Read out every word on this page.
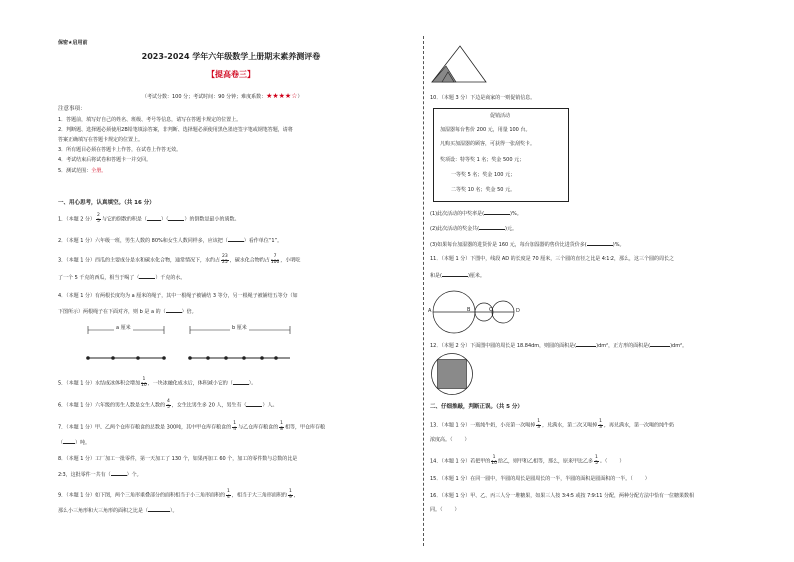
保密★启用前
2023-2024 学年六年级数学上册期末素养测评卷
【提高卷三】
（考试分数：100 分；考试时间：90 分钟；难度系数：★★★★☆）
注意事项：
1．答题前，填写好自己的姓名、班级、考号等信息，请写在答题卡规定的位置上。
2．判断题、选择题必须使用2B铅笔填涂答案，非判断、选择题必须使用黑色墨迹签字笔或钢笔答题，请将
答案正确填写在答题卡规定的位置上。
3．所有题目必须在答题卡上作答，在试卷上作答无效。
4．考试结束后将试卷和答题卡一并交回。
5．测试范围：全册。
一、用心思考，认真填空。（共 16 分）
1．（本题 2 分） $\frac{2}{5}$ 与它的倒数的积是（	）（	）的倒数是最小的质数。
2．（本题 1 分）六年级一班，男生人数的 80%和女生人数同样多，应该把（	）看作单位“1”。
3．（本题 1 分）西瓜的主要成分是水和碳水化合物，通常情况下，水约占 $\frac{23}{25}$ ，碳水化合物约占 $\frac{7}{100}$ ，小明吃
了一个 5 千克的西瓜，相当于喝了（	）千克的水。
4．（本题 1 分）有两根长度均为 a 厘米的绳子，其中一根绳子被铺结 3 等分，另一根绳子被铺结五等分（如
下图所示）两根绳子在下面对齐，则 b 是 a 的（	）倍。
a 厘米	b 厘米
5．（本题 1 分）水结成冰体积会增加 $\frac{1}{10}$ ，一块冰融化成水后，体积减小它的（	）。
6．（本题 1 分）六年级的男生人数是女生人数的 $\frac{4}{5}$ ，女生比男生多 20 人，男生有（	）人。
7．（本题 1 分）甲、乙两个仓库存粮食的总数是 300吨，其中甲仓库存粮食的 $\frac{1}{4}$ 与乙仓库存粮食的 $\frac{1}{8}$ 相等，甲仓库存粮
（ ）吨。
8．（本题 1 分）工厂加工一批零件，第一天加工了 130 个，如果再加工 60 个，加工的零件数与总数的比是
2∶3，这批零件一共有（	）个。
9．（本题 1 分）如下图，两个三角形重叠部分的面积相当于小三角形面积的 $\frac{1}{4}$ ，相当于大三角形面积的 $\frac{1}{9}$ ，
那么小三角形和大三角形的面积之比是（	）。
10．（本题 3 分）下边是商家的一则促销信息。
促销活动
加湿器每台售价 200 元，用量 100 台。
凡购买加湿器的顾客，可获得一张刮奖卡。
奖项设：特等奖 1 名；奖金 500 元；
一等奖 5 名；奖金 100 元；
二等奖 10 名；奖金 50 元。
(1)此次活动的中奖率是(	)%。
(2)此次活动的奖金共(	)元。
(3)如果每台加湿器的进货价是 160 元，每台加湿器的售价比进货价多(	)%。
11．（本题 1 分）下图中，线段 AD 的长度是 70 厘米，三个圆的直径之比是 4∶1∶2，那么，这三个圆的周长之
和是(	)厘米。
A	B	C	D
12．（本题 2 分）下面图中圆的周长是 18.84dm，则圆的面积是(	)dm²，正方形的面积是(	)dm²。
二、仔细推敲，判断正误。（共 5 分）
13．（本题 1 分）一瓶纯牛奶，小亮第一次喝掉 $\frac{1}{3}$ ，兑满水，第二次又喝掉 $\frac{1}{3}$ ，再兑满水，第一次喝的纯牛奶
浓度高。（ ）
14．（本题 1 分）若把甲的 $\frac{1}{10}$ 给乙，则甲和乙相等，那么，原来甲比乙多 $\frac{1}{5}$ 。（ ）
15．（本题 1 分）在同一圆中，半圆的周长是圆周长的一半，半圆的面积是圆面积的一半。（ ）
16．（本题 1 分）甲、乙、丙三人分一堆糖果，如果三人按 3∶4∶5 或按 7∶9∶11 分配，两种分配方法中恰有一位糖果数相
同。（ ）
